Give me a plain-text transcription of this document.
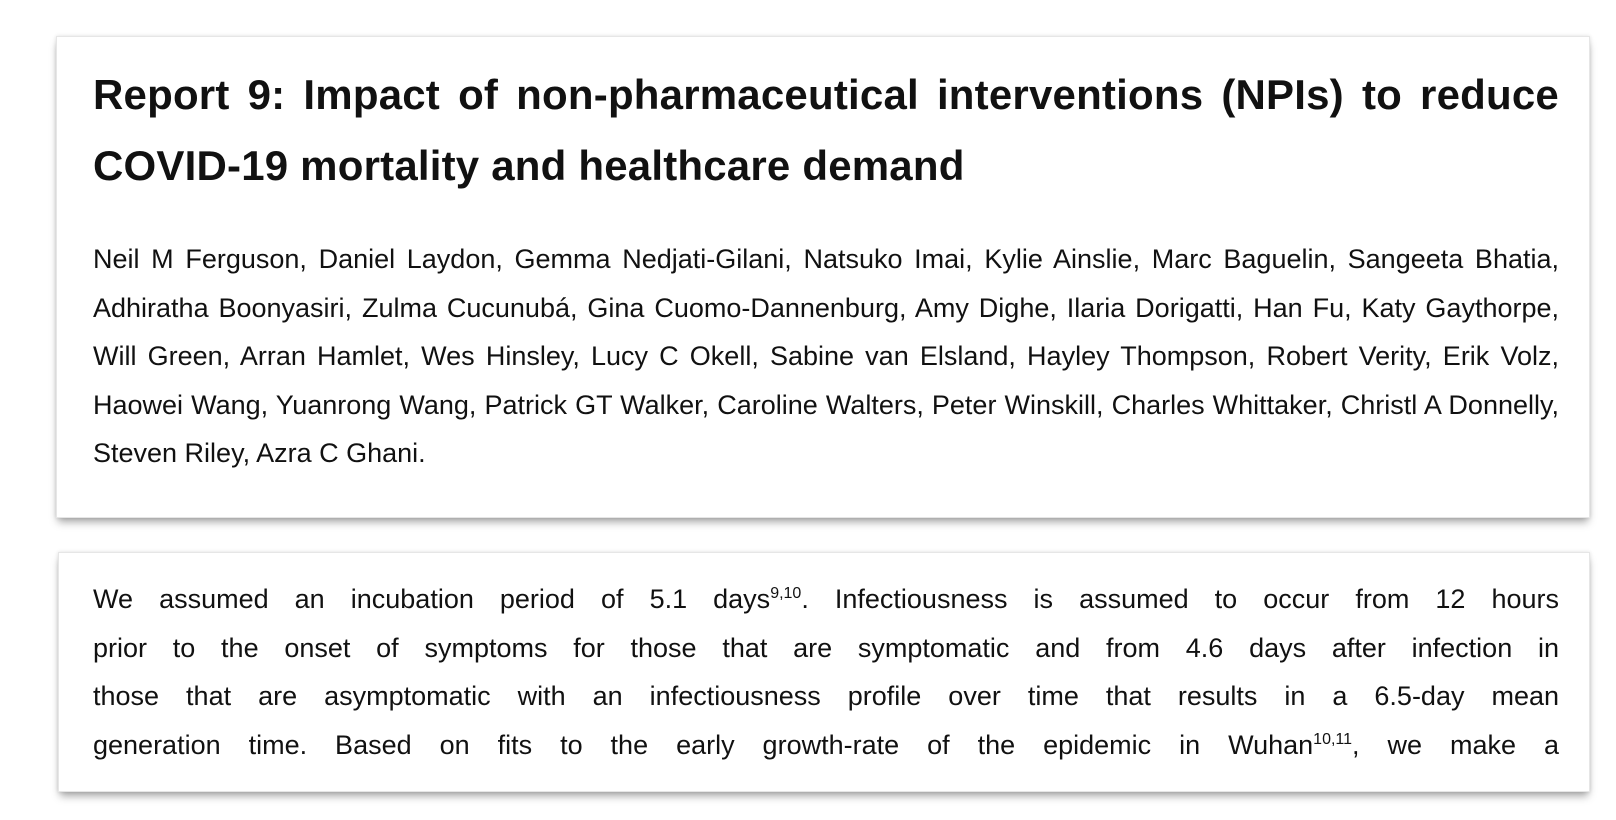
Report 9: Impact of non-pharmaceutical interventions (NPIs) to reduce COVID-19 mortality and healthcare demand

Neil M Ferguson, Daniel Laydon, Gemma Nedjati-Gilani, Natsuko Imai, Kylie Ainslie, Marc Baguelin, Sangeeta Bhatia, Adhiratha Boonyasiri, Zulma Cucunubá, Gina Cuomo-Dannenburg, Amy Dighe, Ilaria Dorigatti, Han Fu, Katy Gaythorpe, Will Green, Arran Hamlet, Wes Hinsley, Lucy C Okell, Sabine van Elsland, Hayley Thompson, Robert Verity, Erik Volz, Haowei Wang, Yuanrong Wang, Patrick GT Walker, Caroline Walters, Peter Winskill, Charles Whittaker, Christl A Donnelly, Steven Riley, Azra C Ghani.

We assumed an incubation period of 5.1 days$^{9,10}$. Infectiousness is assumed to occur from 12 hours
prior to the onset of symptoms for those that are symptomatic and from 4.6 days after infection in
those that are asymptomatic with an infectiousness profile over time that results in a 6.5-day mean
generation time. Based on fits to the early growth-rate of the epidemic in Wuhan$^{10,11}$, we make a
